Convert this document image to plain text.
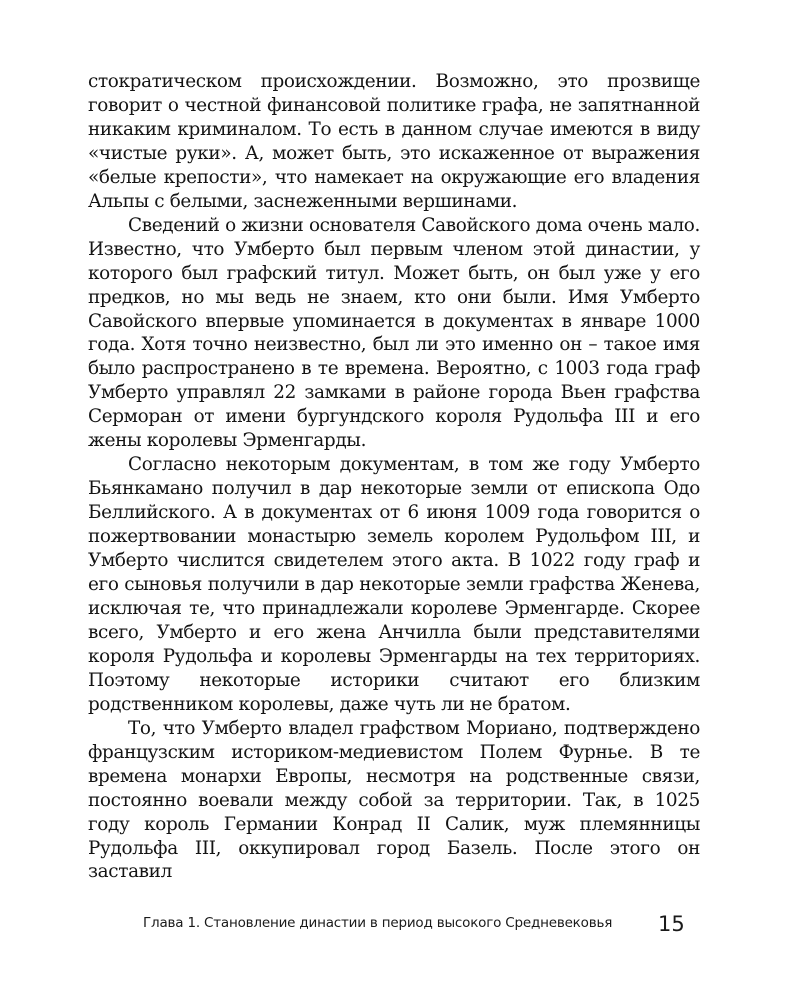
стократическом происхождении. Возможно, это прозвище говорит о честной финансовой политике графа, не запятнанной никаким криминалом. То есть в данном случае имеются в виду «чистые руки». А, может быть, это искаженное от выражения «белые крепости», что намекает на окружающие его владения Альпы с белыми, заснеженными вершинами.

Сведений о жизни основателя Савойского дома очень мало. Известно, что Умберто был первым членом этой династии, у которого был графский титул. Может быть, он был уже у его предков, но мы ведь не знаем, кто они были. Имя Умберто Савойского впервые упоминается в документах в январе 1000 года. Хотя точно неизвестно, был ли это именно он – такое имя было распространено в те времена. Вероятно, с 1003 года граф Умберто управлял 22 замками в районе города Вьен графства Серморан от имени бургундского короля Рудольфа III и его жены королевы Эрменгарды.

Согласно некоторым документам, в том же году Умберто Бьянкамано получил в дар некоторые земли от епископа Одо Беллийского. А в документах от 6 июня 1009 года говорится о пожертвовании монастырю земель королем Рудольфом III, и Умберто числится свидетелем этого акта. В 1022 году граф и его сыновья получили в дар некоторые земли графства Женева, исключая те, что принадлежали королеве Эрменгарде. Скорее всего, Умберто и его жена Анчилла были представителями короля Рудольфа и королевы Эрменгарды на тех территориях. Поэтому некоторые историки считают его близким родственником королевы, даже чуть ли не братом.

То, что Умберто владел графством Мориано, подтверждено французским историком-медиевистом Полем Фурнье. В те времена монархи Европы, несмотря на родственные связи, постоянно воевали между собой за территории. Так, в 1025 году король Германии Конрад II Салик, муж племянницы Рудольфа III, оккупировал город Базель. После этого он заставил

Глава 1. Становление династии в период высокого Средневековья 15
